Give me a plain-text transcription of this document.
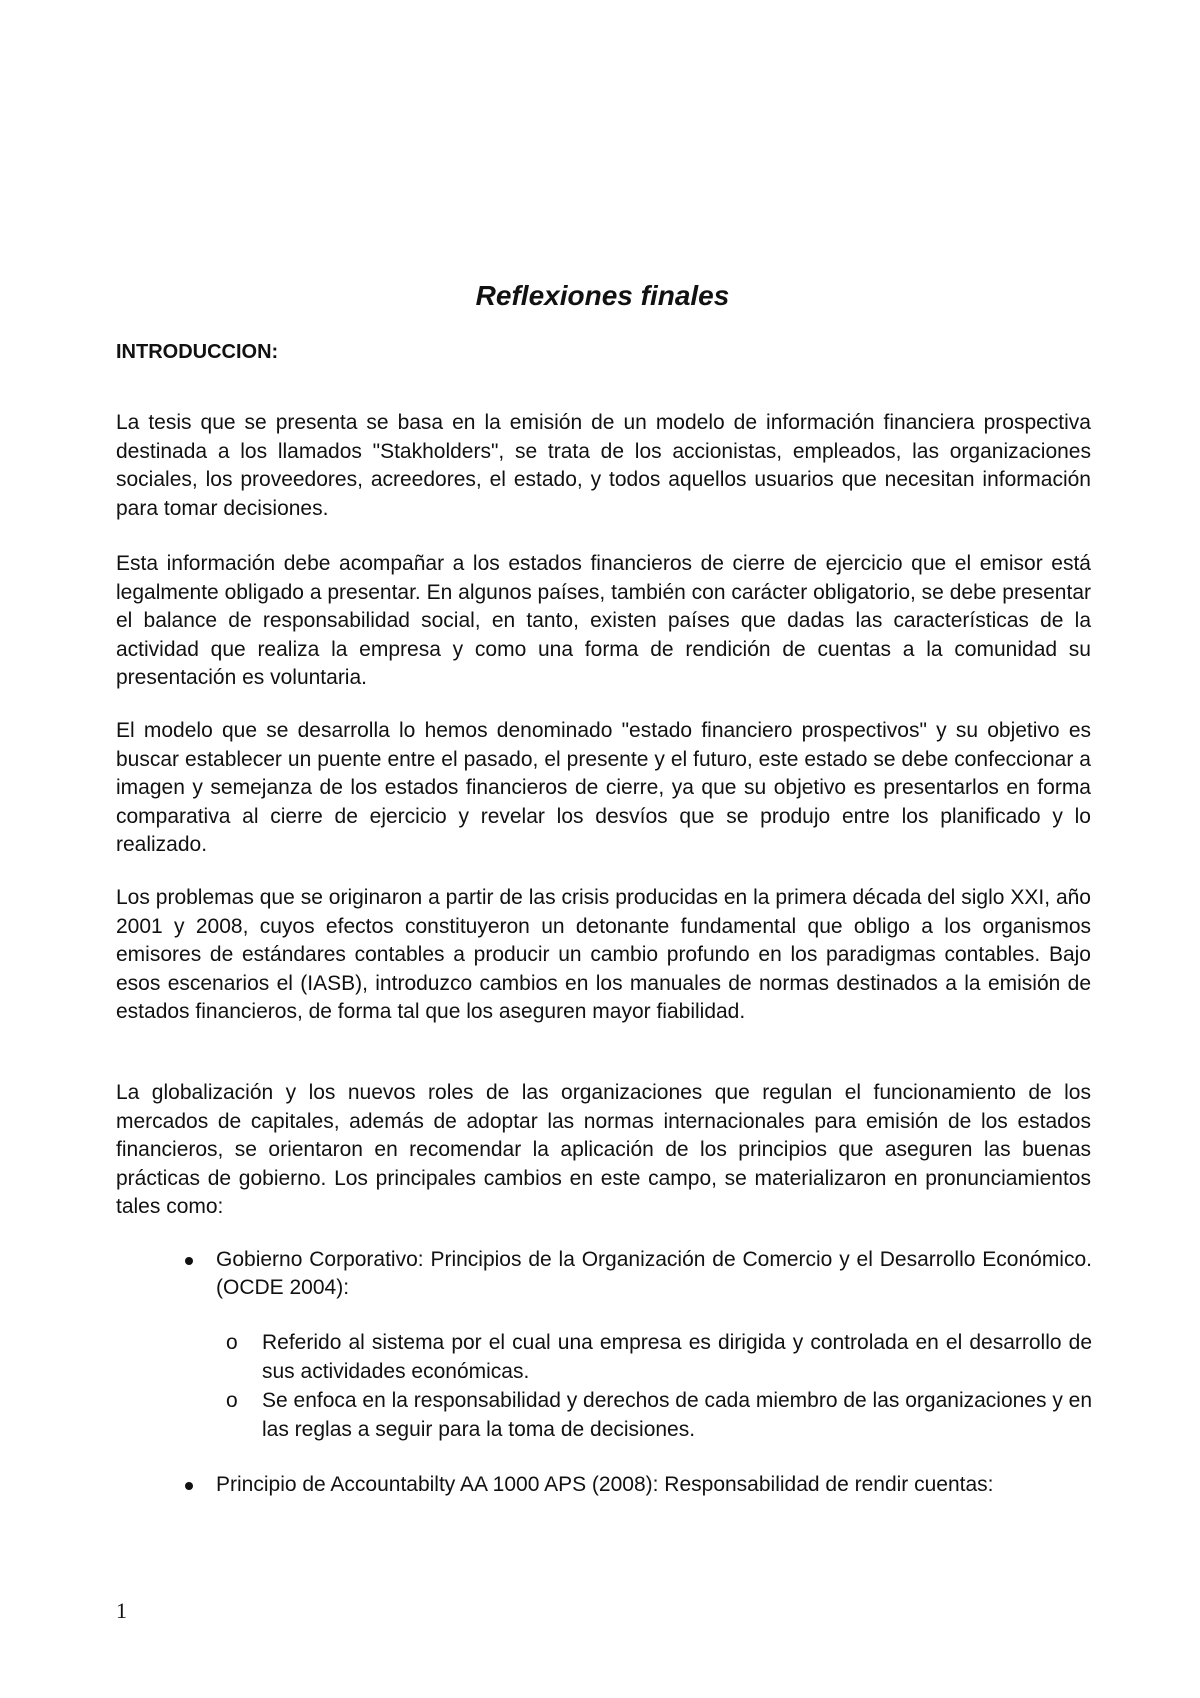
Reflexiones finales
INTRODUCCION:

La tesis que se presenta se basa en la emisión de un modelo de información financiera prospectiva destinada a los llamados "Stakholders", se trata de los accionistas, empleados, las organizaciones sociales, los proveedores, acreedores, el estado, y todos aquellos usuarios que necesitan información para tomar decisiones.

Esta información debe acompañar a los estados financieros de cierre de ejercicio que el emisor está legalmente obligado a presentar. En algunos países, también con carácter obligatorio, se debe presentar el balance de responsabilidad social, en tanto, existen países que dadas las características de la actividad que realiza la empresa y como una forma de rendición de cuentas a la comunidad su presentación es voluntaria.

El modelo que se desarrolla lo hemos denominado "estado financiero prospectivos" y su objetivo es buscar establecer un puente entre el pasado, el presente y el futuro, este estado se debe confeccionar a imagen y semejanza de los estados financieros de cierre, ya que su objetivo es presentarlos en forma comparativa al cierre de ejercicio y revelar los desvíos que se produjo entre los planificado y lo realizado.

Los problemas que se originaron a partir de las crisis producidas en la primera década del siglo XXI, año 2001 y 2008, cuyos efectos constituyeron un detonante fundamental que obligo a los organismos emisores de estándares contables a producir un cambio profundo en los paradigmas contables. Bajo esos escenarios el (IASB), introduzco cambios en los manuales de normas destinados a la emisión de estados financieros, de forma tal que los aseguren mayor fiabilidad.

La globalización y los nuevos roles de las organizaciones que regulan el funcionamiento de los mercados de capitales, además de adoptar las normas internacionales para emisión de los estados financieros, se orientaron en recomendar la aplicación de los principios que aseguren las buenas prácticas de gobierno. Los principales cambios en este campo, se materializaron en pronunciamientos tales como:

Gobierno Corporativo: Principios de la Organización de Comercio y el Desarrollo Económico. (OCDE 2004):
o Referido al sistema por el cual una empresa es dirigida y controlada en el desarrollo de sus actividades económicas.
o Se enfoca en la responsabilidad y derechos de cada miembro de las organizaciones y en las reglas a seguir para la toma de decisiones.
Principio de Accountabilty AA 1000 APS (2008): Responsabilidad de rendir cuentas:
1
